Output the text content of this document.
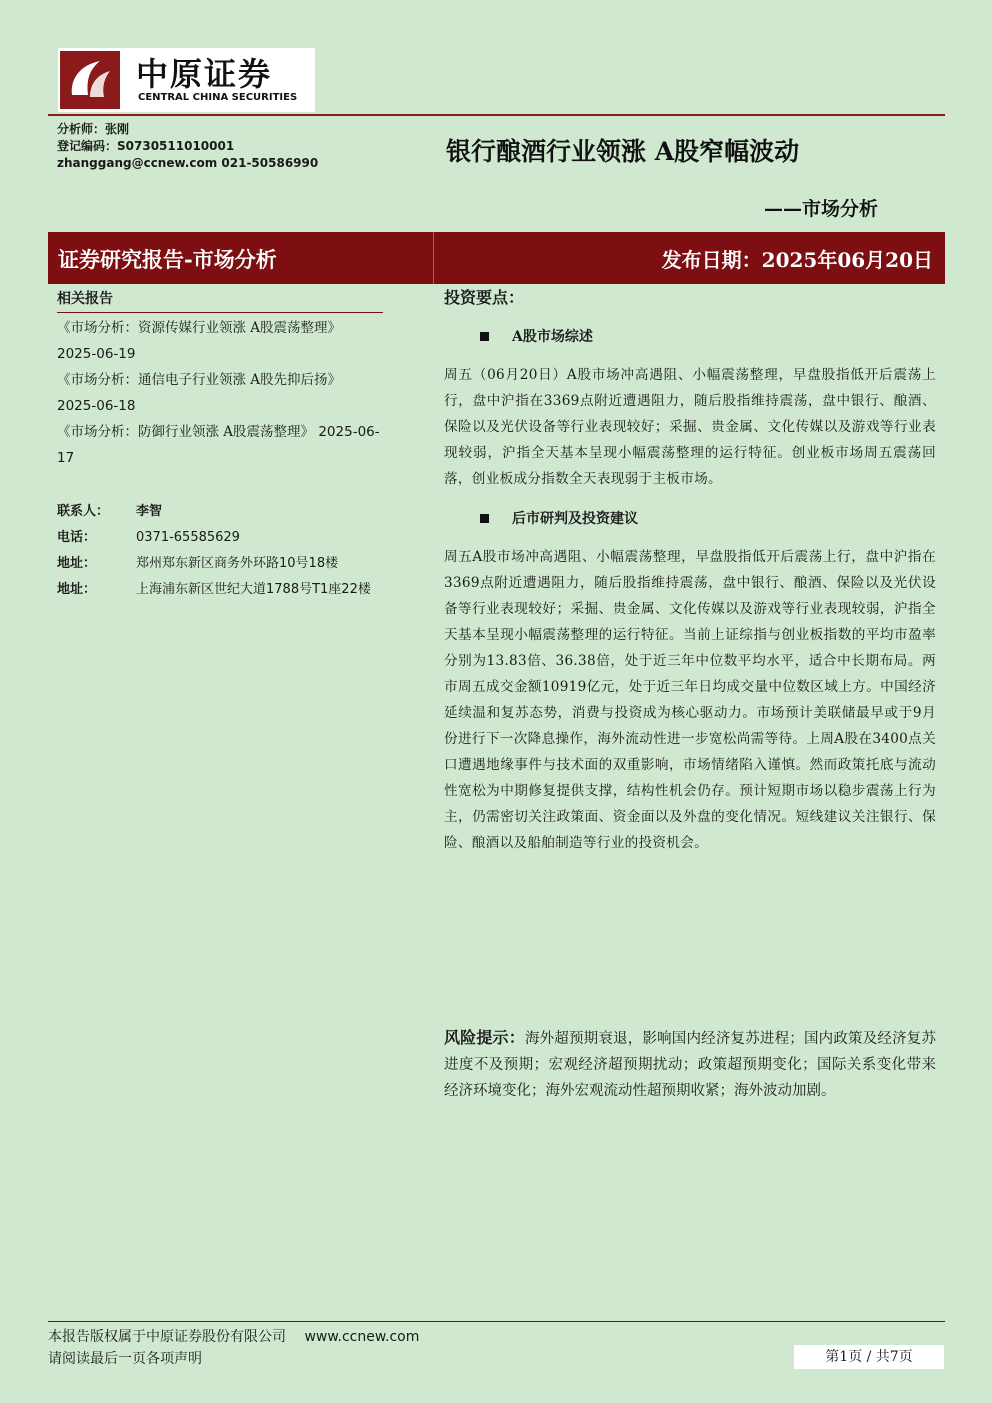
中原证券
CENTRAL CHINA SECURITIES
分析师：张刚
登记编码：S0730511010001
zhanggang@ccnew.com 021-50586990	银行酿酒行业领涨 A股窄幅波动
——市场分析
证券研究报告-市场分析	发布日期：2025年06月20日
相关报告
《市场分析：资源传媒行业领涨 A股震荡整理》 2025-06-19
《市场分析：通信电子行业领涨 A股先抑后扬》 2025-06-18
《市场分析：防御行业领涨 A股震荡整理》 2025-06-17
联系人： 李智
电话：	0371-65585629
地址：	郑州郑东新区商务外环路10号18楼
地址：	上海浦东新区世纪大道1788号T1座22楼
投资要点：
A股市场综述
周五（06月20日）A股市场冲高遇阻、小幅震荡整理，早盘股指低开后震荡上行，盘中沪指在3369点附近遭遇阻力，随后股指维持震荡，盘中银行、酿酒、保险以及光伏设备等行业表现较好；采掘、贵金属、文化传媒以及游戏等行业表现较弱，沪指全天基本呈现小幅震荡整理的运行特征。创业板市场周五震荡回落，创业板成分指数全天表现弱于主板市场。
后市研判及投资建议
周五A股市场冲高遇阻、小幅震荡整理，早盘股指低开后震荡上行，盘中沪指在3369点附近遭遇阻力，随后股指维持震荡，盘中银行、酿酒、保险以及光伏设备等行业表现较好；采掘、贵金属、文化传媒以及游戏等行业表现较弱，沪指全天基本呈现小幅震荡整理的运行特征。当前上证综指与创业板指数的平均市盈率分别为13.83倍、36.38倍，处于近三年中位数平均水平，适合中长期布局。两市周五成交金额10919亿元，处于近三年日均成交量中位数区域上方。中国经济延续温和复苏态势，消费与投资成为核心驱动力。市场预计美联储最早或于9月份进行下一次降息操作，海外流动性进一步宽松尚需等待。上周A股在3400点关口遭遇地缘事件与技术面的双重影响，市场情绪陷入谨慎。然而政策托底与流动性宽松为中期修复提供支撑，结构性机会仍存。预计短期市场以稳步震荡上行为主，仍需密切关注政策面、资金面以及外盘的变化情况。短线建议关注银行、保险、酿酒以及船舶制造等行业的投资机会。
风险提示：海外超预期衰退，影响国内经济复苏进程；国内政策及经济复苏进度不及预期；宏观经济超预期扰动；政策超预期变化；国际关系变化带来经济环境变化；海外宏观流动性超预期收紧；海外波动加剧。
本报告版权属于中原证券股份有限公司 www.ccnew.com
请阅读最后一页各项声明	第1页 / 共7页
